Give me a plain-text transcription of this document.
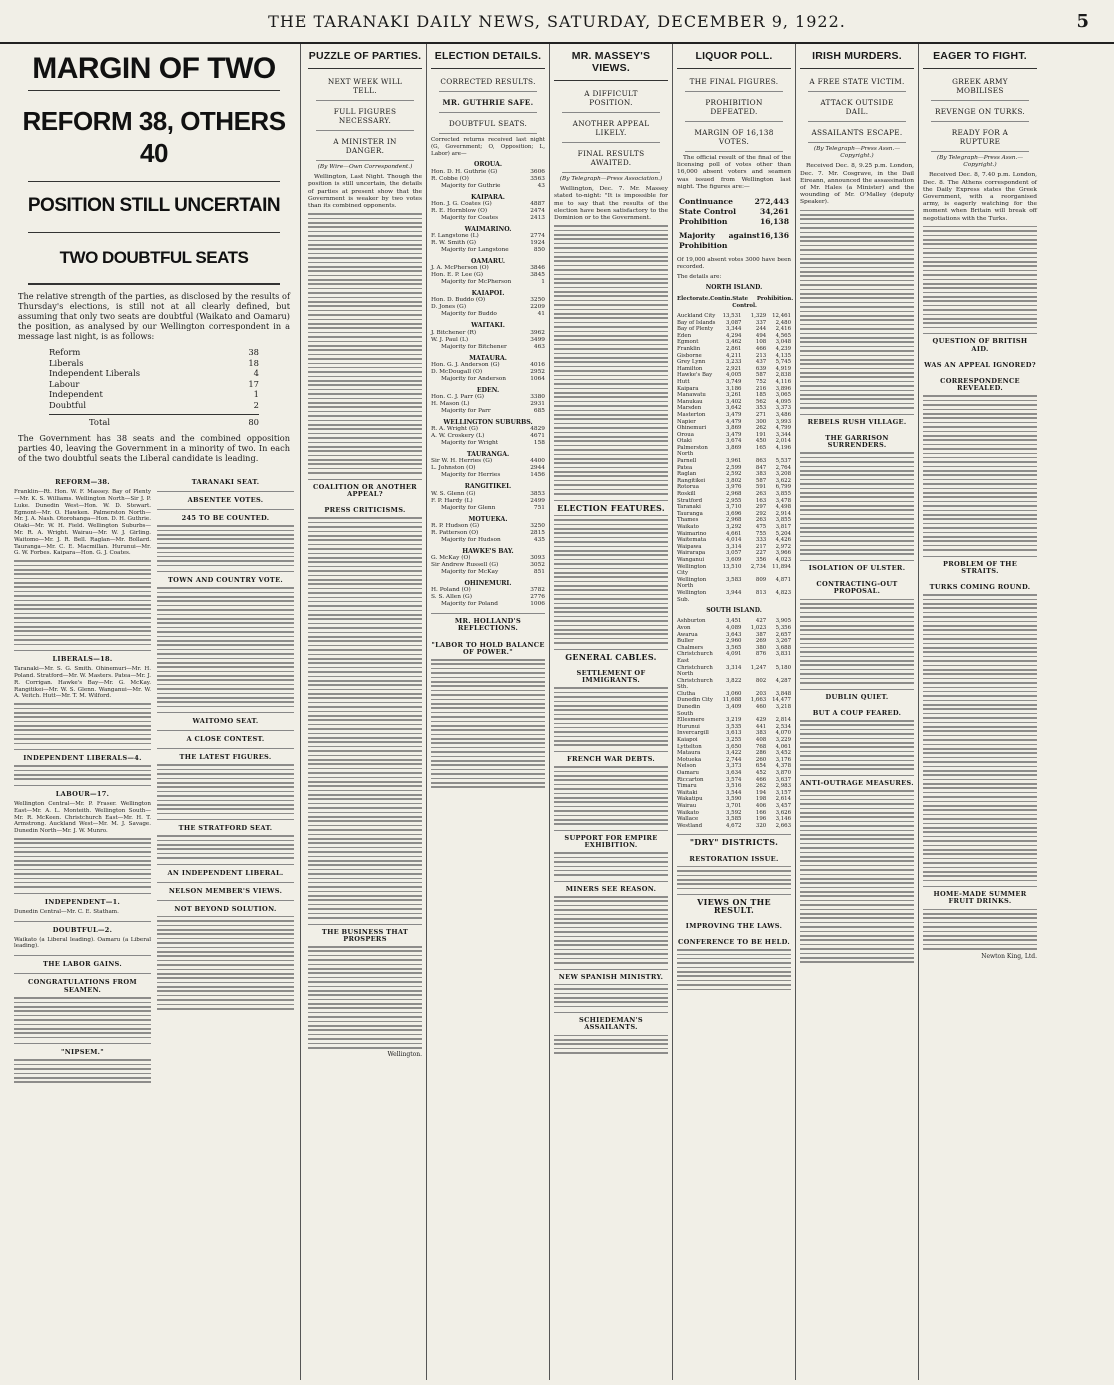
THE TARANAKI DAILY NEWS, SATURDAY, DECEMBER 9, 1922.	5
MARGIN OF TWO
REFORM 38, OTHERS 40
POSITION STILL UNCERTAIN
TWO DOUBTFUL SEATS
The relative strength of the parties, as disclosed by the results of Thursday's elections, is still not at all clearly defined, but assuming that only two seats are doubtful (Waikato and Oamaru) the position, as analysed by our Wellington correspondent in a message last night, is as follows:
Reform	38
Liberals	18
Independent Liberals	4
Labour	17
Independent	1
Doubtful	2
Total	80
The Government has 38 seats and the combined opposition parties 40, leaving the Government in a minority of two. In each of the two doubtful seats the Liberal candidate is leading.
REFORM—38.
Franklin—Rt. Hon. W. F. Massey. Bay of Plenty—Mr. K. S. Williams. Wellington North—Sir J. P. Luke. Dunedin West—Hon. W. D. Stewart. Egmont—Mr. O. Hawken. Palmerston North—Mr. J. A. Nash. Otorohanga—Hon. D. H. Guthrie. Otaki—Mr. W. H. Field. Wellington Suburbs—Mr. R. A. Wright. Wairau—Mr. W. J. Girling. Waitomo—Mr. J. R. Bell. Raglan—Mr. Bollard. Tauranga—Mr. C. E. Macmillan. Hurunui—Mr. G. W. Forbes. Kaipara—Hon. G. J. Coates.
LIBERALS—18.
Taranaki—Mr. S. G. Smith. Ohinemuri—Mr. H. Poland. Stratford—Mr. W. Masters. Patea—Mr. J. R. Corrigan. Hawke's Bay—Mr. G. McKay. Rangitikei—Mr. W. S. Glenn. Wanganui—Mr. W. A. Veitch. Hutt—Mr. T. M. Wilford.
INDEPENDENT LIBERALS—4.
LABOUR—17.
Wellington Central—Mr. P. Fraser. Wellington East—Mr. A. L. Monteith. Wellington South—Mr. R. McKeen. Christchurch East—Mr. H. T. Armstrong. Auckland West—Mr. M. J. Savage. Dunedin North—Mr. J. W. Munro.
INDEPENDENT—1.
Dunedin Central—Mr. C. E. Statham.
DOUBTFUL—2.
Waikato (a Liberal leading). Oamaru (a Liberal leading).
THE LABOR GAINS.
CONGRATULATIONS FROM SEAMEN.
"NIPSEM."
TARANAKI SEAT.
ABSENTEE VOTES.
245 TO BE COUNTED.
TOWN AND COUNTRY VOTE.
WAITOMO SEAT.
A CLOSE CONTEST.
THE LATEST FIGURES.
THE STRATFORD SEAT.
AN INDEPENDENT LIBERAL.
NELSON MEMBER'S VIEWS.
NOT BEYOND SOLUTION.
PUZZLE OF PARTIES.
NEXT WEEK WILL TELL.
FULL FIGURES NECESSARY.
A MINISTER IN DANGER.
(By Wire—Own Correspondent.)
Wellington, Last Night. Though the position is still uncertain, the details of parties at present show that the Government is weaker by two votes than its combined opponents.
COALITION OR ANOTHER APPEAL?
PRESS CRITICISMS.
THE BUSINESS THAT PROSPERS
Wellington.
ELECTION DETAILS.
CORRECTED RESULTS.
MR. GUTHRIE SAFE.
DOUBTFUL SEATS.
Corrected returns received last night (G, Government; O, Opposition; L, Labor) are—
OROUA.
Hon. D. H. Guthrie (G)	3606
R. Cobbe (O)	3563
Majority for Guthrie	43
KAIPARA.
Hon. J. G. Coates (G)	4887
R. E. Hornblow (O)	2474
Majority for Coates	2413
WAIMARINO.
F. Langstone (L)	2774
R. W. Smith (G)	1924
Majority for Langstone	850
OAMARU.
J. A. McPherson (O)	3846
Hon. E. P. Lee (G)	3845
Majority for McPherson	1
KAIAPOI.
Hon. D. Buddo (O)	3250
D. Jones (G)	2209
Majority for Buddo	41
WAITAKI.
J. Bitchener (R)	3962
W. J. Paul (L)	3499
Majority for Bitchener	463
MATAURA.
Hon. G. J. Anderson (G)	4016
D. McDougall (O)	2952
Majority for Anderson	1064
EDEN.
Hon. C. J. Parr (G)	3380
H. Mason (L)	2931
Majority for Parr	685
WELLINGTON SUBURBS.
R. A. Wright (G)	4829
A. W. Croskery (L)	4671
Majority for Wright	158
TAURANGA.
Sir W. H. Herries (G)	4400
L. Johnston (O)	2944
Majority for Herries	1456
RANGITIKEI.
W. S. Glenn (G)	3853
F. P. Hardy (L)	2499
Majority for Glenn	751
MOTUEKA.
R. P. Hudson (G)	3250
R. Patterson (O)	2815
Majority for Hudson	435
HAWKE'S BAY.
G. McKay (O)	3093
Sir Andrew Russell (G)	3052
Majority for McKay	851
OHINEMURI.
H. Poland (O)	3782
S. S. Allen (G)	2776
Majority for Poland	1006
MR. HOLLAND'S REFLECTIONS.
"LABOR TO HOLD BALANCE OF POWER."
MR. MASSEY'S VIEWS.
A DIFFICULT POSITION.
ANOTHER APPEAL LIKELY.
FINAL RESULTS AWAITED.
(By Telegraph—Press Association.)
Wellington, Dec. 7. Mr. Massey stated to-night: "It is impossible for me to say that the results of the election have been satisfactory to the Dominion or to the Government.
ELECTION FEATURES.
GENERAL CABLES.
SETTLEMENT OF IMMIGRANTS.
FRENCH WAR DEBTS.
SUPPORT FOR EMPIRE EXHIBITION.
MINERS SEE REASON.
NEW SPANISH MINISTRY.
SCHIEDEMAN'S ASSAILANTS.
LIQUOR POLL.
THE FINAL FIGURES.
PROHIBITION DEFEATED.
MARGIN OF 16,138 VOTES.
The official result of the final of the licensing poll of votes other than 16,000 absent voters and seamen was issued from Wellington last night. The figures are:—
Continuance	272,443
State Control	34,261
Prohibition	16,138
Majority against Prohibition
16,136
Of 19,000 absent votes 3000 have been recorded.
The details are:
NORTH ISLAND.
Electorate. Contin. State Control.
Prohibition.
Auckland City	13,531	1,329	12,461
Bay of Islands	3,087	337	2,480
Bay of Plenty	3,344	244	2,416
Eden	4,294	494	4,565
Egmont	3,462	108	3,048
Franklin	2,861	466	4,239
Gisborne	4,211	213	4,135
Grey Lynn	3,233	437	5,745
Hamilton	2,921	639	4,919
Hawke's Bay	4,005	587	2,838
Hutt	3,749	752	4,116
Kaipara	3,186	216	3,896
Manawatu	3,261	185	3,065
Manukau	3,402	562	4,095
Marsden	3,642	353	3,373
Masterton	3,479	271	3,486
Napier	4,479	300	3,993
Ohinemuri	3,869	262	4,799
Oroua	3,479	191	3,344
Otaki	3,674	450	2,014
Palmerston North
3,869	165	4,196
Parnell	3,961	863	5,537
Patea	2,599	847	2,764
Raglan	2,592	383	3,208
Rangitikei	3,802	587	3,622
Rotorua	3,976	591	6,799
Roskill	2,968	263	3,855
Stratford	2,955	163	3,478
Taranaki	3,710	297	4,498
Tauranga	3,696	292	2,914
Thames	2,968	263	3,855
Waikato	3,292	475	3,817
Waimarino	4,661	755	5,204
Waitemata	4,014	333	4,426
Waipawa	3,314	217	2,972
Wairarapa	3,057	227	3,966
Wanganui	3,609	356	4,023
Wellington City
13,510	2,734	11,894
Wellington North
3,583	809	4,871
Wellington Sub.
3,944	813	4,823
SOUTH ISLAND.
Ashburton	3,451	427	3,905
Avon	4,089	1,023	5,356
Awarua	3,643	387	2,657
Buller	2,960	269	3,267
Chalmers	3,565	380	3,688
Christchurch East
4,091	876	3,831
Christchurch North
3,314	1,247	5,180
Christchurch Sth.
3,822	802	4,287
Clutha	3,060	203	3,848
Dunedin City	11,688	1,663	14,477
Dunedin South
3,409	460	3,218
Ellesmere	3,219	429	2,814
Hurunui	3,535	441	2,534
Invercargill	3,613	383	4,070
Kaiapoi	3,255	408	3,229
Lyttelton	3,650	768	4,061
Mataura	3,422	286	3,452
Motueka	2,744	260	3,176
Nelson	3,373	654	4,378
Oamaru	3,634	452	3,870
Riccarton	3,574	466	3,637
Timaru	3,516	262	2,983
Waitaki	3,544	194	3,157
Wakatipu	3,590	198	2,614
Wairau	3,701	406	3,457
Waikato	3,592	166	3,626
Wallace	3,585	196	3,146
Westland	4,672	320	2,663
"DRY" DISTRICTS.
RESTORATION ISSUE.
VIEWS ON THE RESULT.
IMPROVING THE LAWS.
CONFERENCE TO BE HELD.
IRISH MURDERS.
A FREE STATE VICTIM.
ATTACK OUTSIDE DAIL.
ASSAILANTS ESCAPE.
(By Telegraph—Press Assn.—Copyright.)
Received Dec. 8, 9.25 p.m. London, Dec. 7. Mr. Cosgrave, in the Dail Eireann, announced the assassination of Mr. Hales (a Minister) and the wounding of Mr. O'Malley (deputy Speaker).
REBELS RUSH VILLAGE.
THE GARRISON SURRENDERS.
ISOLATION OF ULSTER.
CONTRACTING-OUT PROPOSAL.
DUBLIN QUIET.
BUT A COUP FEARED.
ANTI-OUTRAGE MEASURES.
EAGER TO FIGHT.
GREEK ARMY MOBILISES
REVENGE ON TURKS.
READY FOR A RUPTURE
(By Telegraph—Press Assn.—Copyright.)
Received Dec. 8, 7.40 p.m. London, Dec. 8. The Athens correspondent of the Daily Express states the Greek Government, with a reorganised army, is eagerly watching for the moment when Britain will break off negotiations with the Turks.
QUESTION OF BRITISH AID.
WAS AN APPEAL IGNORED?
CORRESPONDENCE REVEALED.
PROBLEM OF THE STRAITS.
TURKS COMING ROUND.
HOME-MADE SUMMER FRUIT DRINKS.
Newton King, Ltd.
